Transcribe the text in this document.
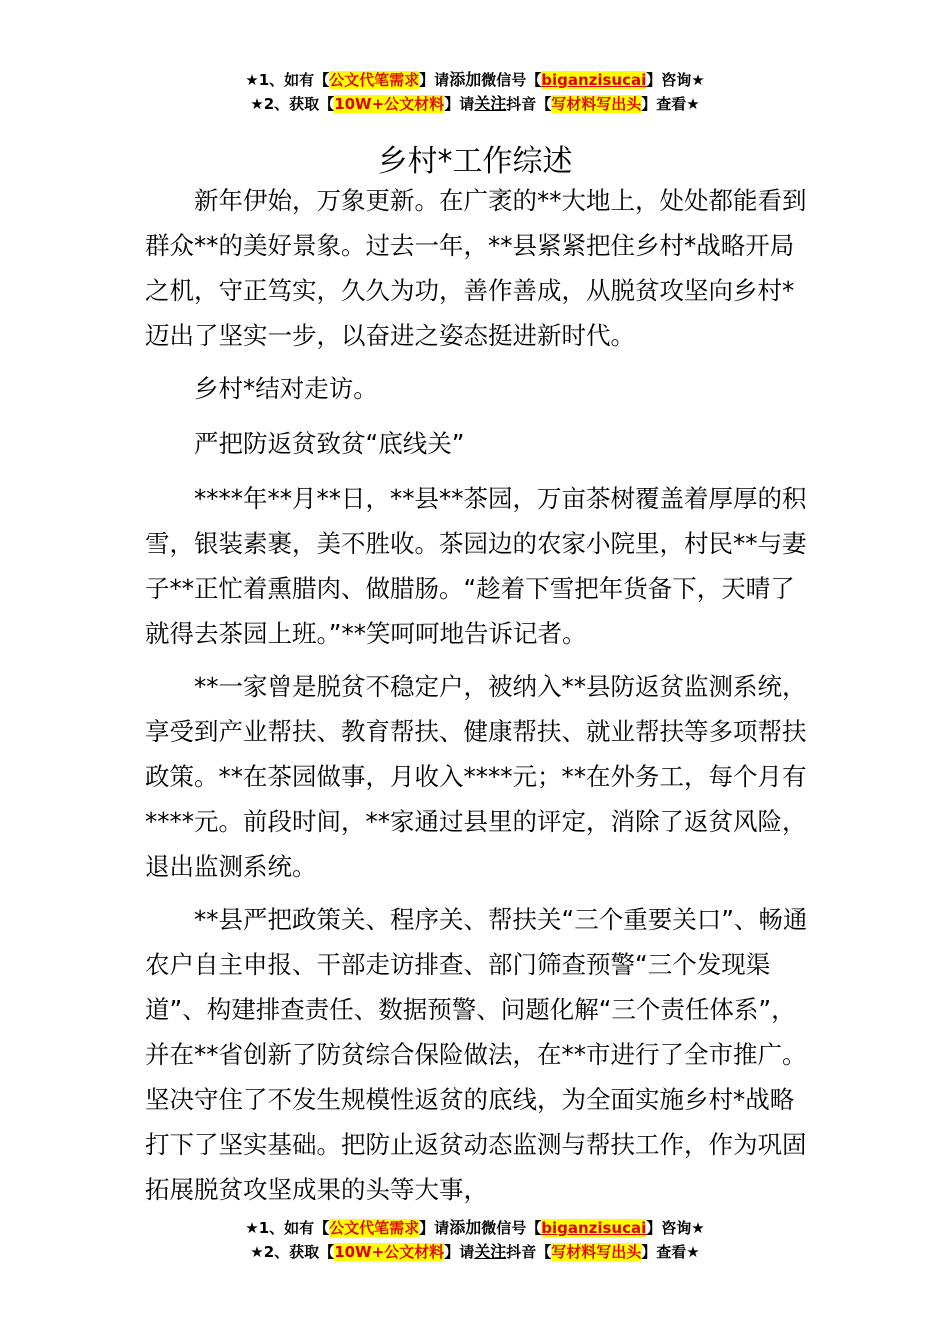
★1、如有【公文代笔需求】请添加微信号【biganzisucai】咨询★
★2、获取【10W+公文材料】请关注抖音【写材料写出头】查看★
乡村*工作综述

新年伊始，万象更新。在广袤的**大地上，处处都能看到群众**的美好景象。过去一年，**县紧紧把住乡村*战略开局之机，守正笃实，久久为功，善作善成，从脱贫攻坚向乡村*迈出了坚实一步，以奋进之姿态挺进新时代。

乡村*结对走访。

严把防返贫致贫“底线关”

****年**月**日，**县**茶园，万亩茶树覆盖着厚厚的积雪，银装素裹，美不胜收。茶园边的农家小院里，村民**与妻子**正忙着熏腊肉、做腊肠。“趁着下雪把年货备下，天晴了就得去茶园上班。”**笑呵呵地告诉记者。

**一家曾是脱贫不稳定户，被纳入**县防返贫监测系统，享受到产业帮扶、教育帮扶、健康帮扶、就业帮扶等多项帮扶政策。**在茶园做事，月收入****元；**在外务工，每个月有****元。前段时间，**家通过县里的评定，消除了返贫风险，退出监测系统。

**县严把政策关、程序关、帮扶关“三个重要关口”、畅通农户自主申报、干部走访排查、部门筛查预警“三个发现渠道”、构建排查责任、数据预警、问题化解“三个责任体系”，并在**省创新了防贫综合保险做法，在**市进行了全市推广。坚决守住了不发生规模性返贫的底线，为全面实施乡村*战略打下了坚实基础。把防止返贫动态监测与帮扶工作，作为巩固拓展脱贫攻坚成果的头等大事，

★1、如有【公文代笔需求】请添加微信号【biganzisucai】咨询★
★2、获取【10W+公文材料】请关注抖音【写材料写出头】查看★
